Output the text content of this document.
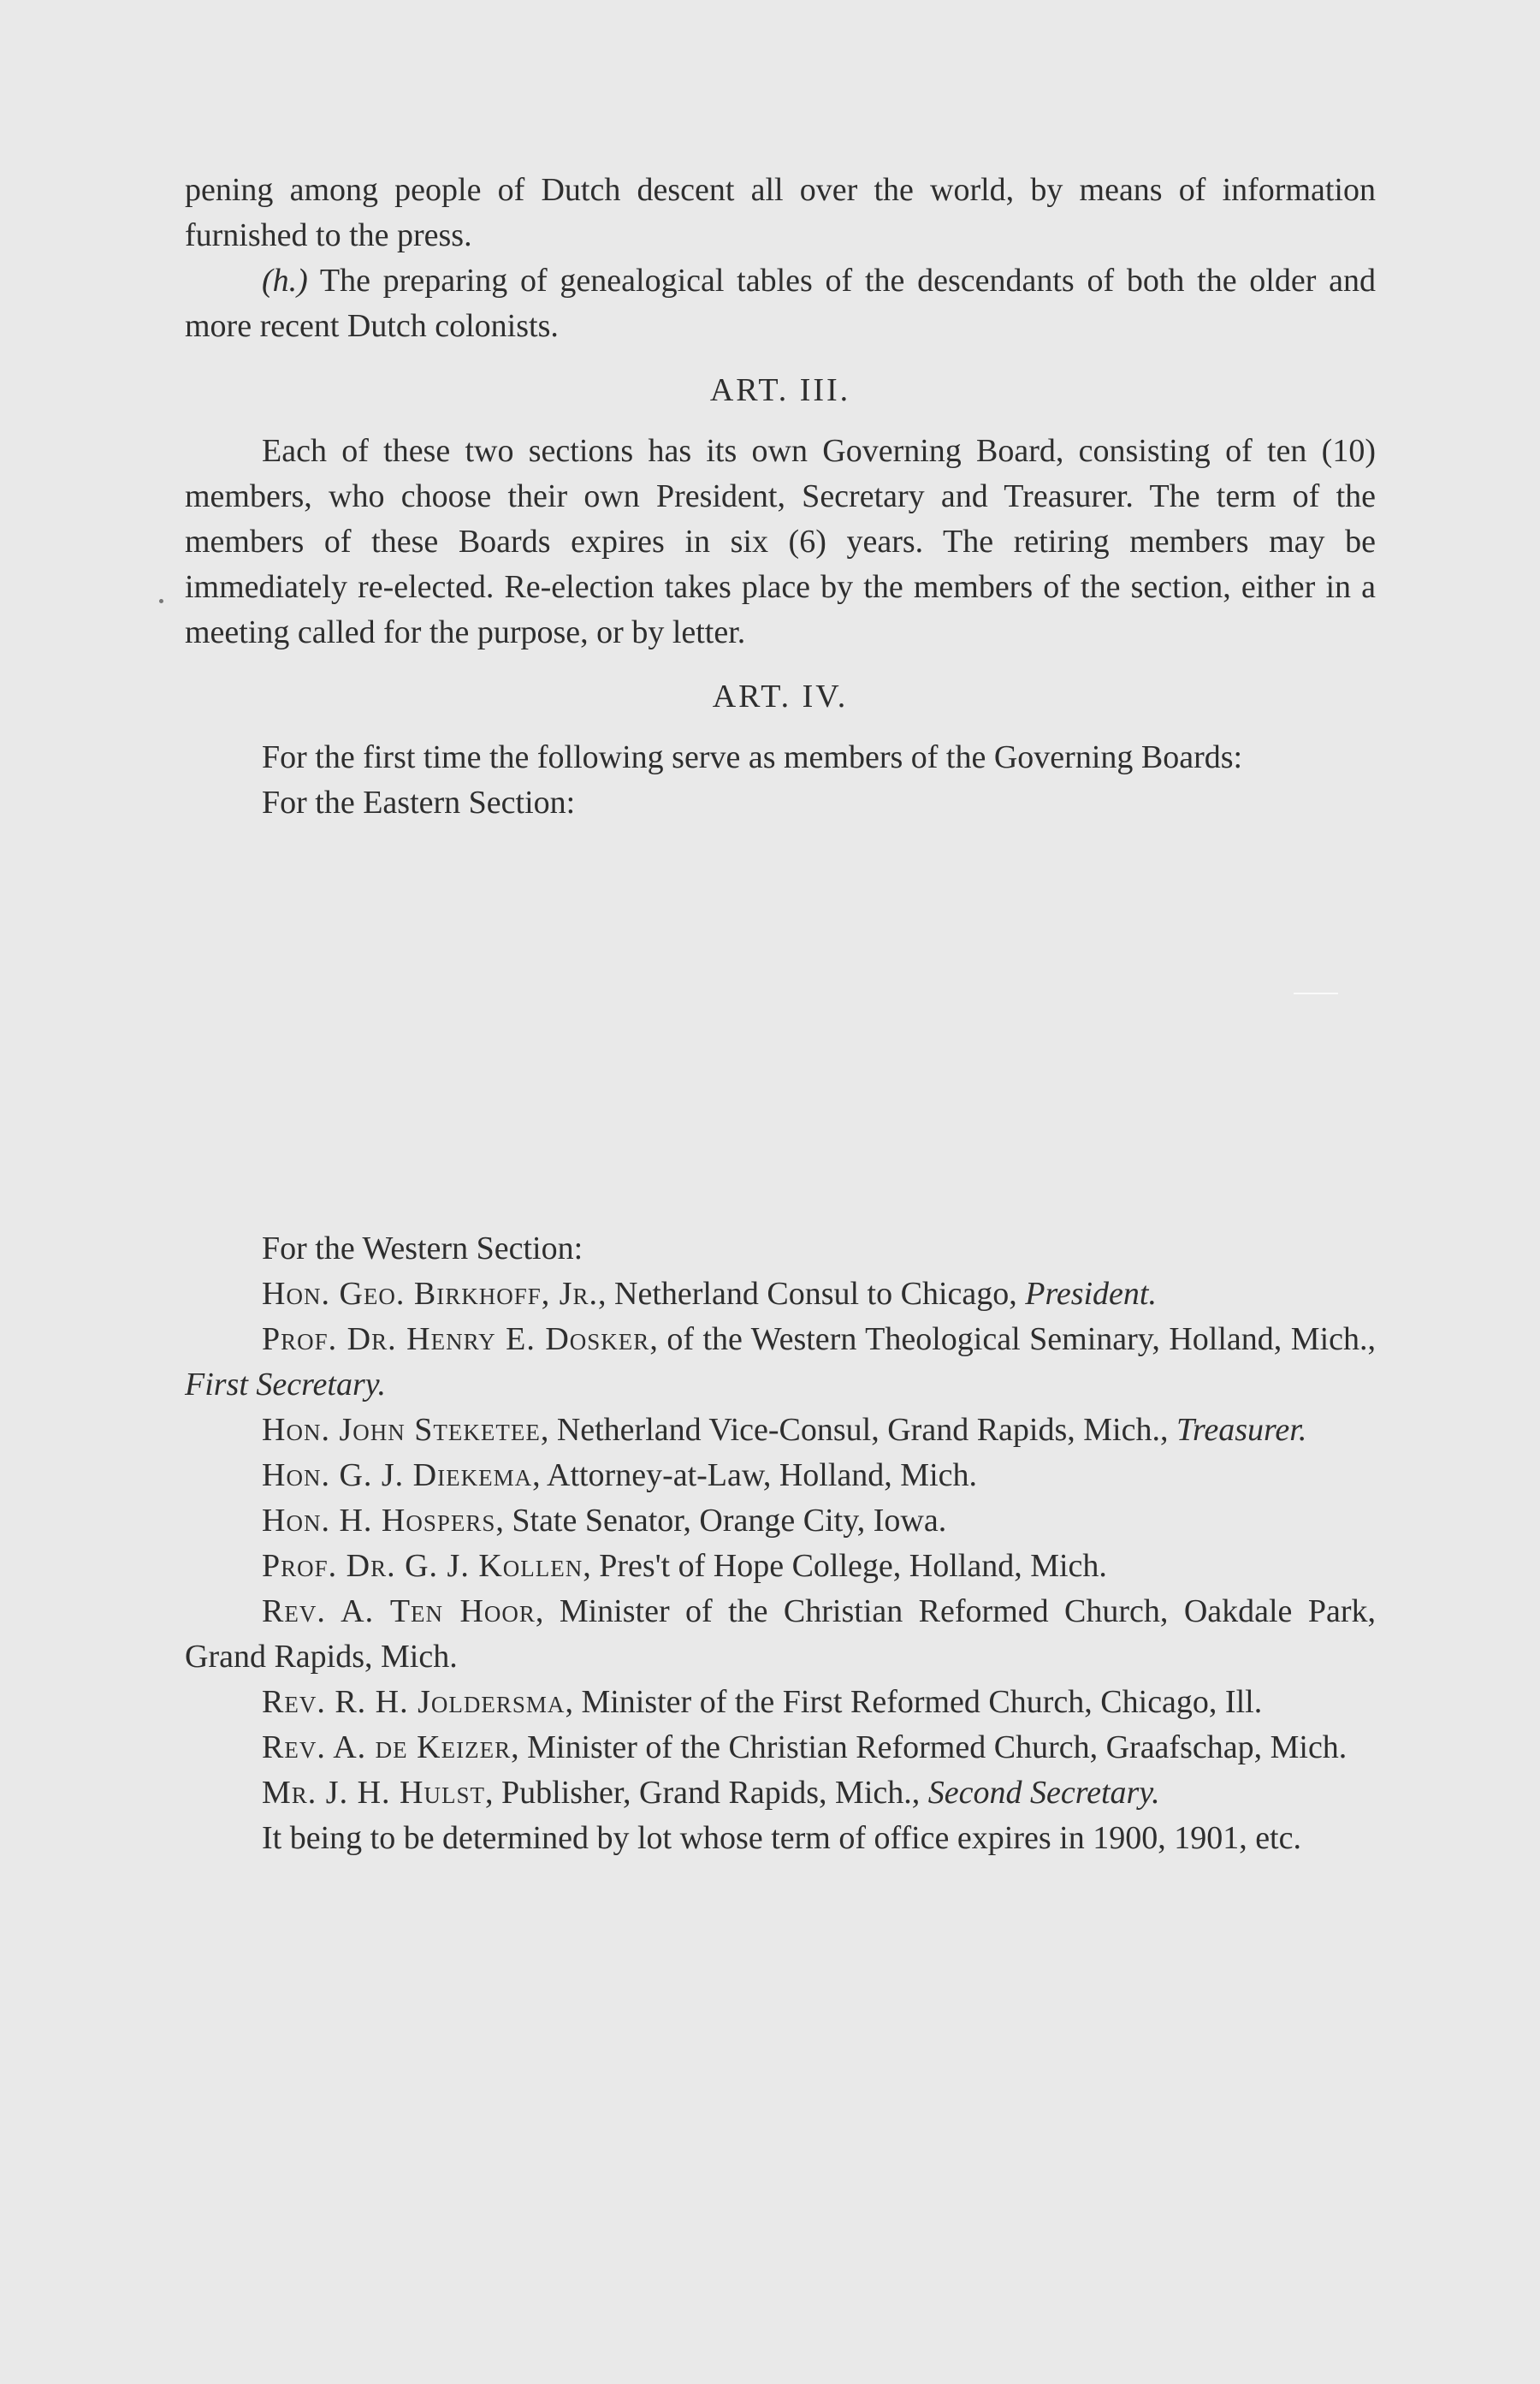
pening among people of Dutch descent all over the world, by means of information furnished to the press.

(h.) The preparing of genealogical tables of the descendants of both the older and more recent Dutch colonists.

ART. III.

Each of these two sections has its own Governing Board, consisting of ten (10) members, who choose their own President, Secretary and Treasurer. The term of the members of these Boards expires in six (6) years. The retiring members may be immediately re-elected. Re-election takes place by the members of the section, either in a meeting called for the purpose, or by letter.

ART. IV.

For the first time the following serve as members of the Governing Boards:

For the Eastern Section:

For the Western Section:

Hon. Geo. Birkhoff, Jr., Netherland Consul to Chicago, President.

Prof. Dr. Henry E. Dosker, of the Western Theological Seminary, Holland, Mich., First Secretary.

Hon. John Steketee, Netherland Vice-Consul, Grand Rapids, Mich., Treasurer.

Hon. G. J. Diekema, Attorney-at-Law, Holland, Mich.

Hon. H. Hospers, State Senator, Orange City, Iowa.

Prof. Dr. G. J. Kollen, Pres't of Hope College, Holland, Mich.

Rev. A. Ten Hoor, Minister of the Christian Reformed Church, Oakdale Park, Grand Rapids, Mich.

Rev. R. H. Joldersma, Minister of the First Reformed Church, Chicago, Ill.

Rev. A. de Keizer, Minister of the Christian Reformed Church, Graafschap, Mich.

Mr. J. H. Hulst, Publisher, Grand Rapids, Mich., Second Secretary.

It being to be determined by lot whose term of office expires in 1900, 1901, etc.
